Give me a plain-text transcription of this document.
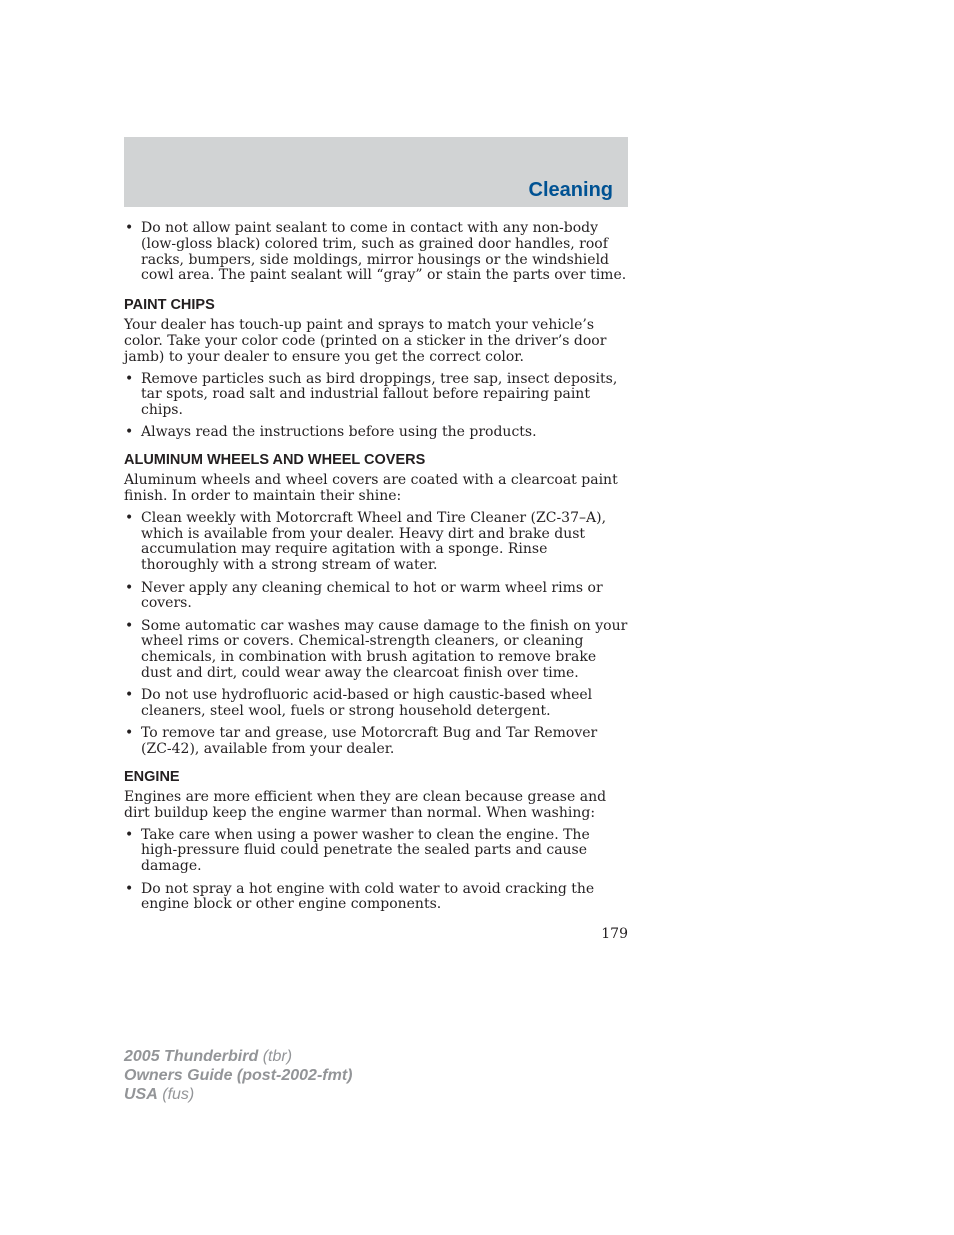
Cleaning
• Do not allow paint sealant to come in contact with any non-body (low-gloss black) colored trim, such as grained door handles, roof racks, bumpers, side moldings, mirror housings or the windshield cowl area. The paint sealant will “gray” or stain the parts over time.
PAINT CHIPS

Your dealer has touch-up paint and sprays to match your vehicle’s color. Take your color code (printed on a sticker in the driver’s door jamb) to your dealer to ensure you get the correct color.

• Remove particles such as bird droppings, tree sap, insect deposits, tar spots, road salt and industrial fallout before repairing paint chips.
• Always read the instructions before using the products.
ALUMINUM WHEELS AND WHEEL COVERS

Aluminum wheels and wheel covers are coated with a clearcoat paint finish. In order to maintain their shine:

• Clean weekly with Motorcraft Wheel and Tire Cleaner (ZC-37–A), which is available from your dealer. Heavy dirt and brake dust accumulation may require agitation with a sponge. Rinse thoroughly with a strong stream of water.
• Never apply any cleaning chemical to hot or warm wheel rims or covers.
• Some automatic car washes may cause damage to the finish on your wheel rims or covers. Chemical-strength cleaners, or cleaning chemicals, in combination with brush agitation to remove brake dust and dirt, could wear away the clearcoat finish over time.
• Do not use hydrofluoric acid-based or high caustic-based wheel cleaners, steel wool, fuels or strong household detergent.
• To remove tar and grease, use Motorcraft Bug and Tar Remover (ZC-42), available from your dealer.
ENGINE

Engines are more efficient when they are clean because grease and dirt buildup keep the engine warmer than normal. When washing:

• Take care when using a power washer to clean the engine. The high-pressure fluid could penetrate the sealed parts and cause damage.
• Do not spray a hot engine with cold water to avoid cracking the engine block or other engine components.
179
2005 Thunderbird (tbr)
Owners Guide (post-2002-fmt)
USA (fus)
